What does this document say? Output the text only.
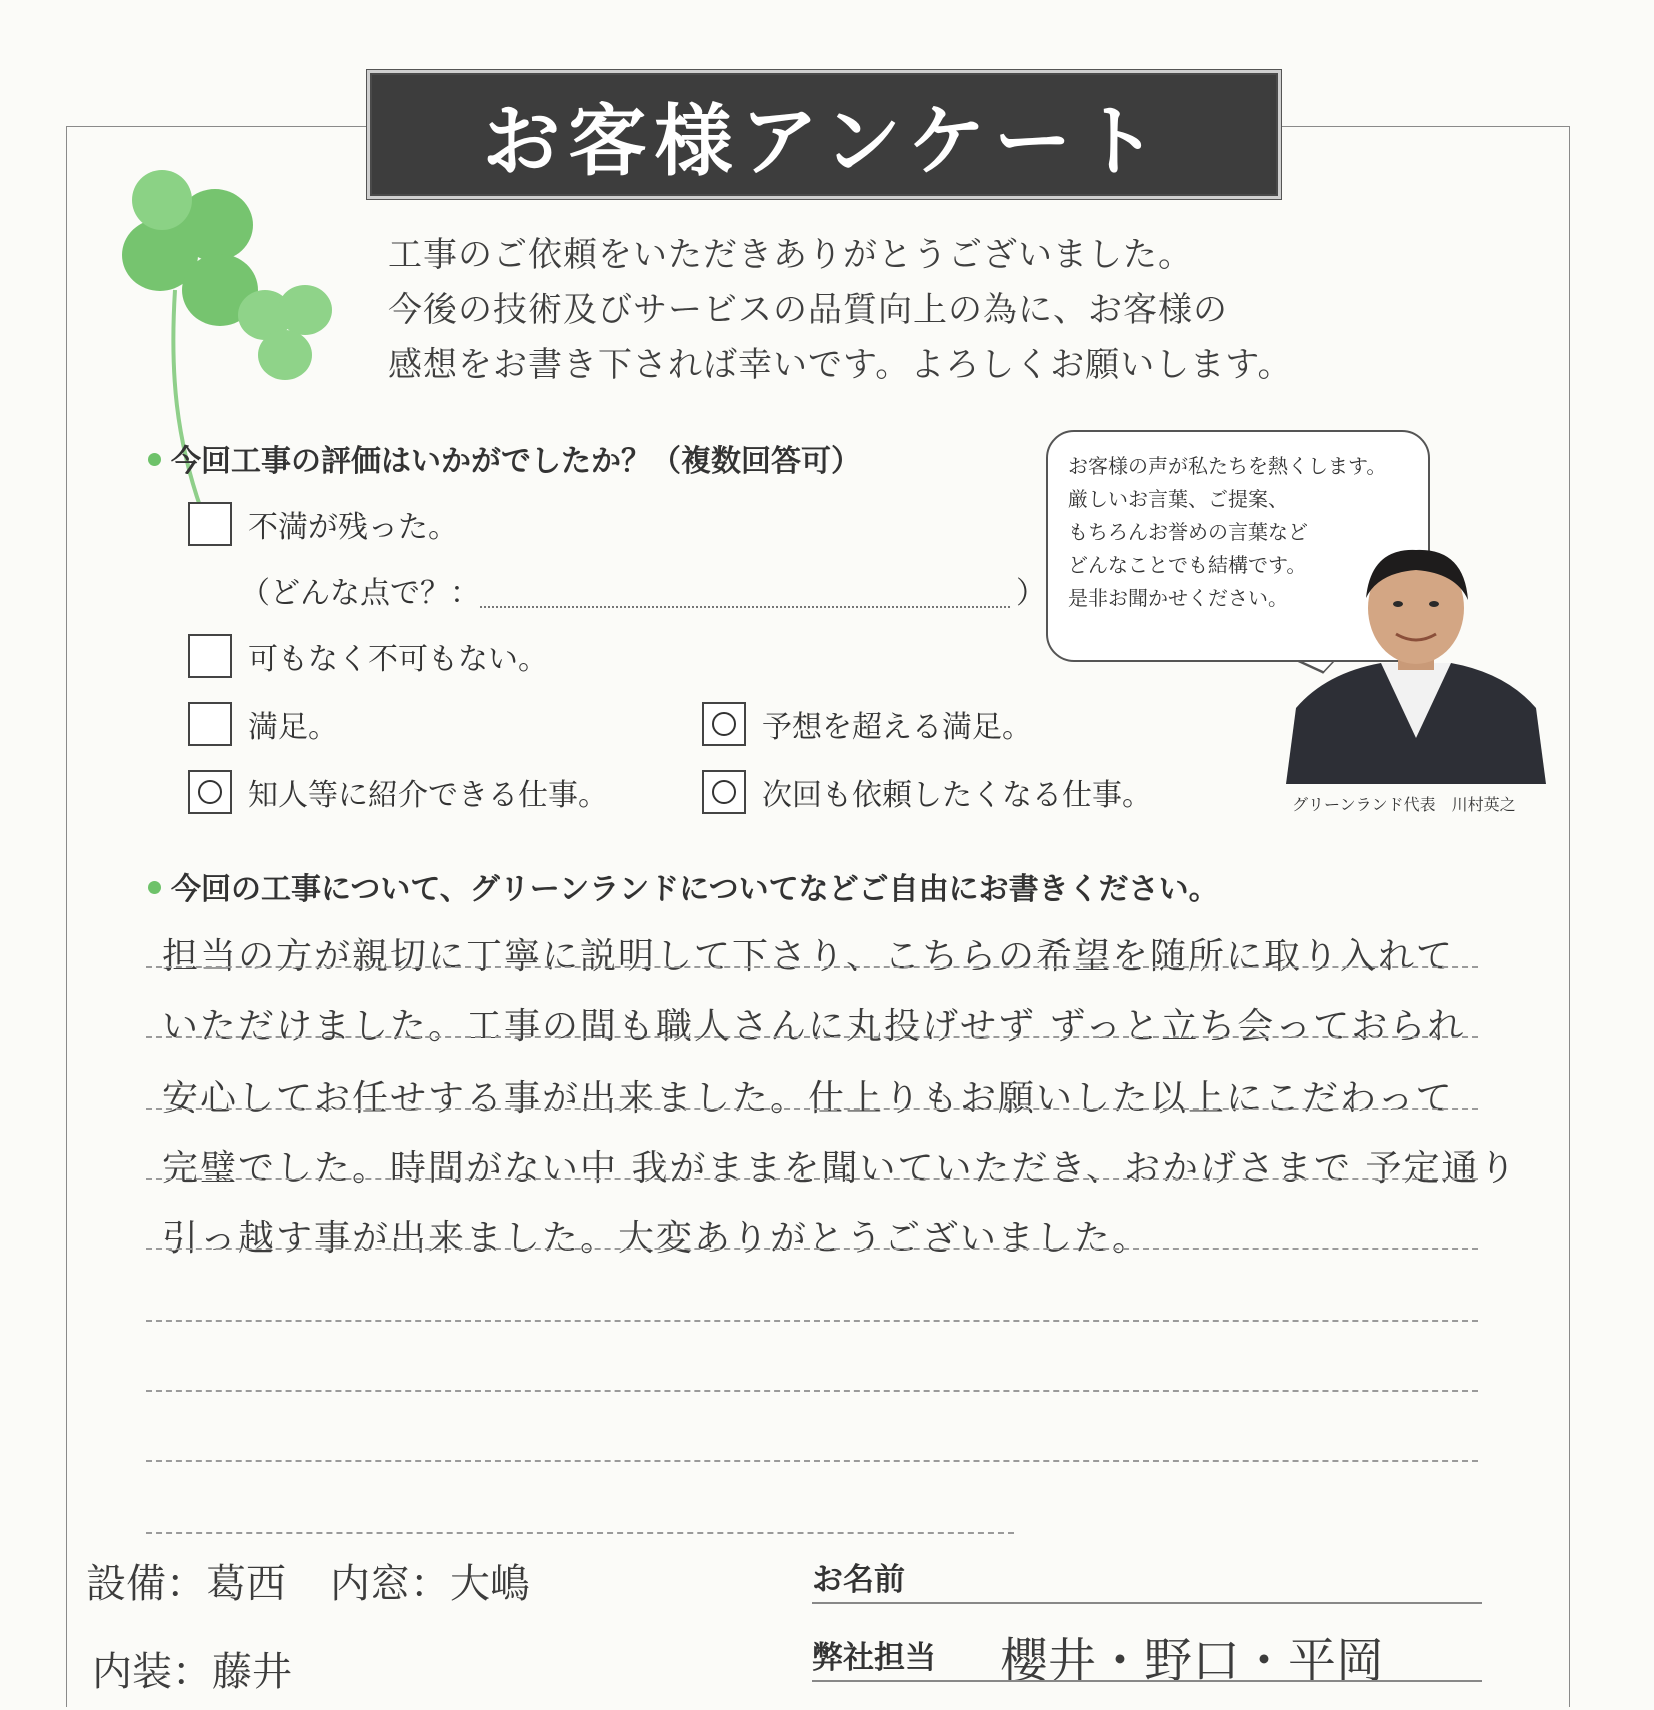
お客様アンケート
工事のご依頼をいただきありがとうございました。
今後の技術及びサービスの品質向上の為に、お客様の
感想をお書き下されば幸いです。よろしくお願いします。
今回工事の評価はいかがでしたか？（複数回答可）
不満が残った。
（どんな点で？：	）
可もなく不可もない。
満足。	予想を超える満足。
知人等に紹介できる仕事。	次回も依頼したくなる仕事。
お客様の声が私たちを熱くします。
厳しいお言葉、ご提案、
もちろんお誉めの言葉など
どんなことでも結構です。
是非お聞かせください。
グリーンランド代表　川村英之
今回の工事について、グリーンランドについてなどご自由にお書きください。
担当の方が親切に丁寧に説明して下さり、こちらの希望を随所に取り入れて
いただけました。工事の間も職人さんに丸投げせず ずっと立ち会っておられ
安心してお任せする事が出来ました。仕上りもお願いした以上にこだわって
完璧でした。時間がない中 我がままを聞いていただき、おかげさまで 予定通り
引っ越す事が出来ました。大変ありがとうございました。
設備：葛西 内窓：大嶋
内装：藤井
お名前
弊社担当 櫻井・野口・平岡
